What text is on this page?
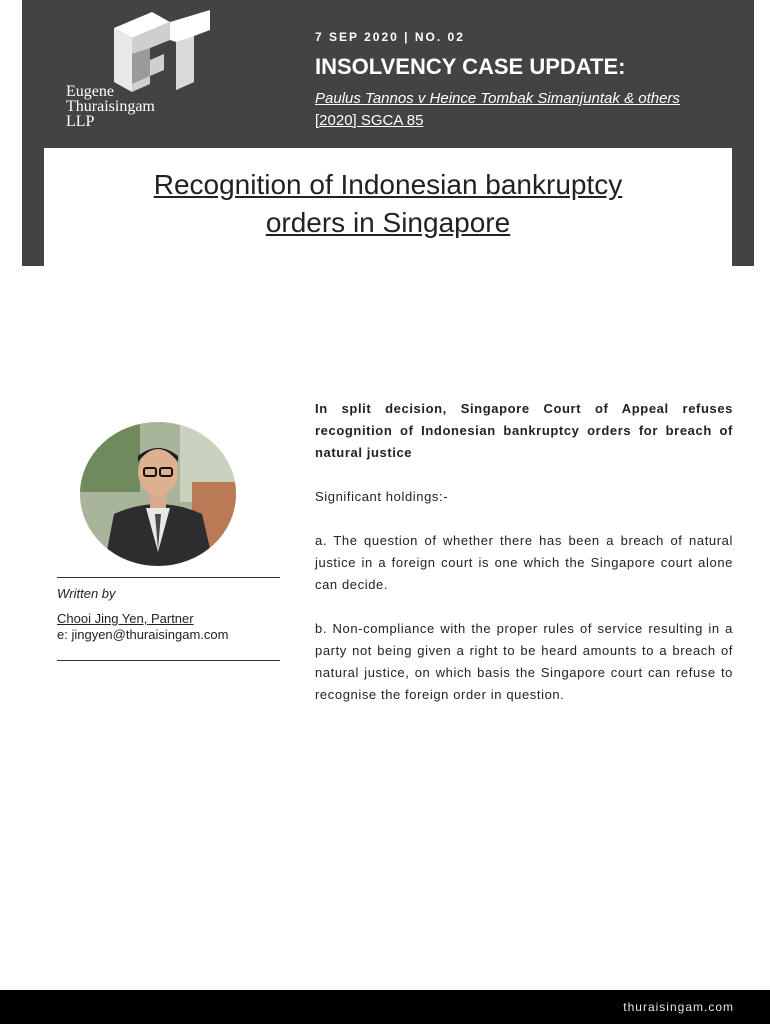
Eugene
Thuraisingam
LLP
7 SEP 2020 | NO. 02
INSOLVENCY CASE UPDATE:
Paulus Tannos v Heince Tombak Simanjuntak & others
[2020] SGCA 85
Recognition of Indonesian bankruptcy
orders in Singapore
Written by
Chooi Jing Yen, Partner
e: jingyen@thuraisingam.com

In split decision, Singapore Court of Appeal refuses recognition of Indonesian bankruptcy orders for breach of natural justice

Significant holdings:-

a. The question of whether there has been a breach of natural justice in a foreign court is one which the Singapore court alone can decide.

b. Non-compliance with the proper rules of service resulting in a party not being given a right to be heard amounts to a breach of natural justice, on which basis the Singapore court can refuse to recognise the foreign order in question.

thuraisingam.com
